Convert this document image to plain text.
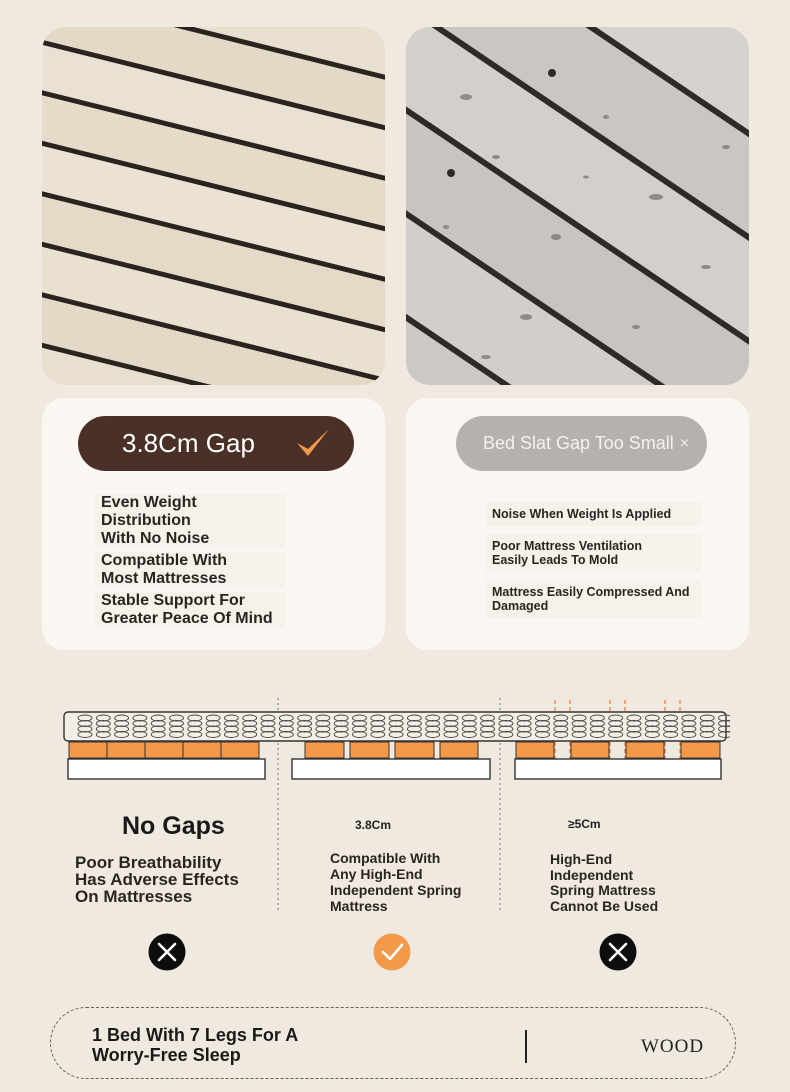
3.8Cm Gap
Even Weight Distribution
With No Noise
Compatible With
Most Mattresses
Stable Support For
Greater Peace Of Mind
Bed Slat Gap Too Small ×
Noise When Weight Is Applied
Poor Mattress Ventilation
Easily Leads To Mold
Mattress Easily Compressed And
Damaged
No Gaps	3.8Cm	≥5Cm
Poor Breathability
Has Adverse Effects
On Mattresses
Compatible With
Any High-End
Independent Spring
Mattress
High-End
Independent
Spring Mattress
Cannot Be Used
1 Bed With 7 Legs For A
Worry-Free Sleep	WOOD
